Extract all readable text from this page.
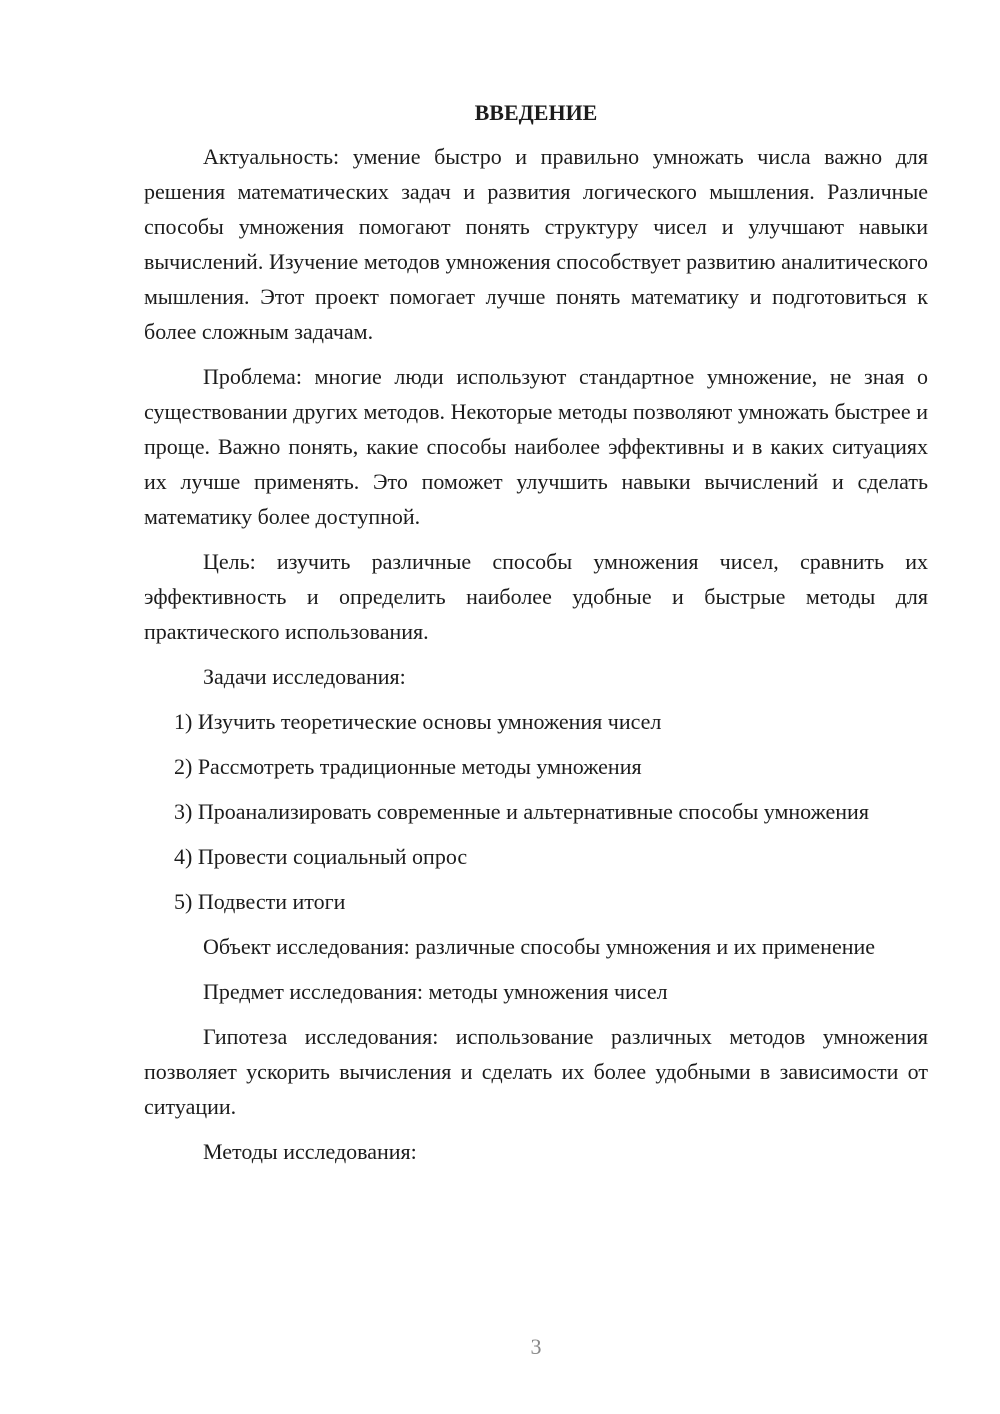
ВВЕДЕНИЕ

Актуальность: умение быстро и правильно умножать числа важно для решения математических задач и развития логического мышления. Различные способы умножения помогают понять структуру чисел и улучшают навыки вычислений. Изучение методов умножения способствует развитию аналитического мышления. Этот проект помогает лучше понять математику и подготовиться к более сложным задачам.

Проблема: многие люди используют стандартное умножение, не зная о существовании других методов. Некоторые методы позволяют умножать быстрее и проще. Важно понять, какие способы наиболее эффективны и в каких ситуациях их лучше применять. Это поможет улучшить навыки вычислений и сделать математику более доступной.

Цель: изучить различные способы умножения чисел, сравнить их эффективность и определить наиболее удобные и быстрые методы для практического использования.

Задачи исследования:

1) Изучить теоретические основы умножения чисел

2) Рассмотреть традиционные методы умножения

3) Проанализировать современные и альтернативные способы умножения

4) Провести социальный опрос

5) Подвести итоги

Объект исследования: различные способы умножения и их применение

Предмет исследования: методы умножения чисел

Гипотеза исследования: использование различных методов умножения позволяет ускорить вычисления и сделать их более удобными в зависимости от ситуации.

Методы исследования:

3
